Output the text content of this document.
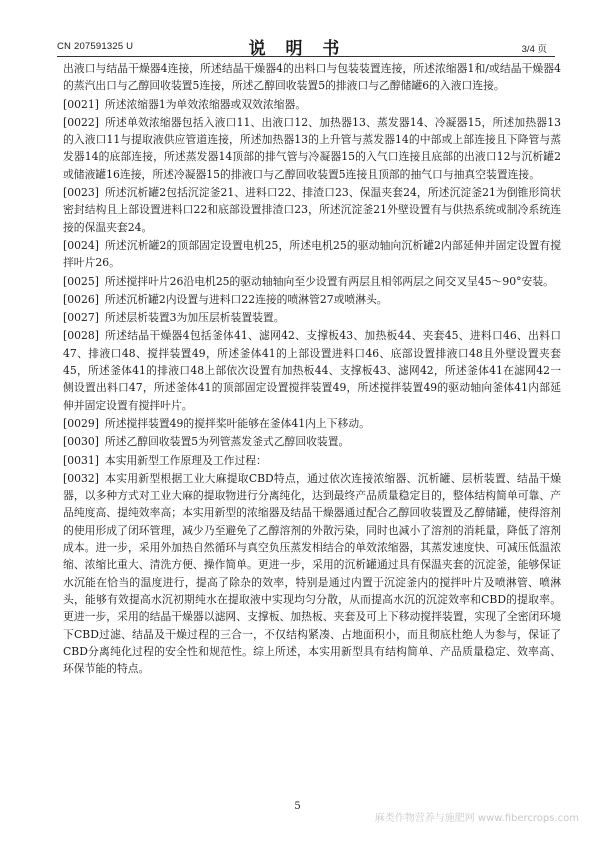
CN 207591325 U	说 明 书	3/4 页

出液口与结晶干燥器4连接，所述结晶干燥器4的出料口与包装装置连接，所述浓缩器1和/或结晶干燥器4的蒸汽出口与乙醇回收装置5连接，所述乙醇回收装置5的排液口与乙醇储罐6的入液口连接。

[0021] 所述浓缩器1为单效浓缩器或双效浓缩器。

[0022] 所述单效浓缩器包括入液口11、出液口12、加热器13、蒸发器14、冷凝器15，所述加热器13的入液口11与提取液供应管道连接，所述加热器13的上升管与蒸发器14的中部或上部连接且下降管与蒸发器14的底部连接，所述蒸发器14顶部的排气管与冷凝器15的入气口连接且底部的出液口12与沉析罐2或储液罐16连接，所述冷凝器15的排液口与乙醇回收装置5连接且顶部的抽气口与抽真空装置连接。

[0023] 所述沉析罐2包括沉淀釜21、进料口22、排渣口23、保温夹套24，所述沉淀釜21为倒锥形筒状密封结构且上部设置进料口22和底部设置排渣口23，所述沉淀釜21外壁设置有与供热系统或制冷系统连接的保温夹套24。

[0024] 所述沉析罐2的顶部固定设置电机25，所述电机25的驱动轴向沉析罐2内部延伸并固定设置有搅拌叶片26。

[0025] 所述搅拌叶片26沿电机25的驱动轴轴向至少设置有两层且相邻两层之间交叉呈45～90°安装。

[0026] 所述沉析罐2内设置与进料口22连接的喷淋管27或喷淋头。

[0027] 所述层析装置3为加压层析装置装置。

[0028] 所述结晶干燥器4包括釜体41、滤网42、支撑板43、加热板44、夹套45、进料口46、出料口47、排液口48、搅拌装置49，所述釜体41的上部设置进料口46、底部设置排液口48且外壁设置夹套45，所述釜体41的排液口48上部依次设置有加热板44、支撑板43、滤网42，所述釜体41在滤网42一侧设置出料口47，所述釜体41的顶部固定设置搅拌装置49，所述搅拌装置49的驱动轴向釜体41内部延伸并固定设置有搅拌叶片。

[0029] 所述搅拌装置49的搅拌桨叶能够在釜体41内上下移动。

[0030] 所述乙醇回收装置5为列管蒸发釜式乙醇回收装置。

[0031] 本实用新型工作原理及工作过程：

[0032] 本实用新型根据工业大麻提取CBD特点，通过依次连接浓缩器、沉析罐、层析装置、结晶干燥器，以多种方式对工业大麻的提取物进行分离纯化，达到最终产品质量稳定目的，整体结构简单可靠、产品纯度高、提纯效率高；本实用新型的浓缩器及结晶干燥器通过配合乙醇回收装置及乙醇储罐，使得溶剂的使用形成了闭环管理，减少乃至避免了乙醇溶剂的外散污染，同时也减小了溶剂的消耗量，降低了溶剂成本。进一步，采用外加热自然循环与真空负压蒸发相结合的单效浓缩器，其蒸发速度快、可减压低温浓缩、浓缩比重大、清洗方便、操作简单。更进一步，采用的沉析罐通过具有保温夹套的沉淀釜，能够保证水沉能在恰当的温度进行，提高了除杂的效率，特别是通过内置于沉淀釜内的搅拌叶片及喷淋管、喷淋头，能够有效提高水沉初期纯水在提取液中实现均匀分散，从而提高水沉的沉淀效率和CBD的提取率。更进一步，采用的结晶干燥器以滤网、支撑板、加热板、夹套及可上下移动搅拌装置，实现了全密闭环境下CBD过滤、结晶及干燥过程的三合一，不仅结构紧凑、占地面积小，而且彻底杜绝人为参与，保证了CBD分离纯化过程的安全性和规范性。综上所述，本实用新型具有结构简单、产品质量稳定、效率高、环保节能的特点。

5
麻类作物营养与施肥网 www.fibercrops.com
